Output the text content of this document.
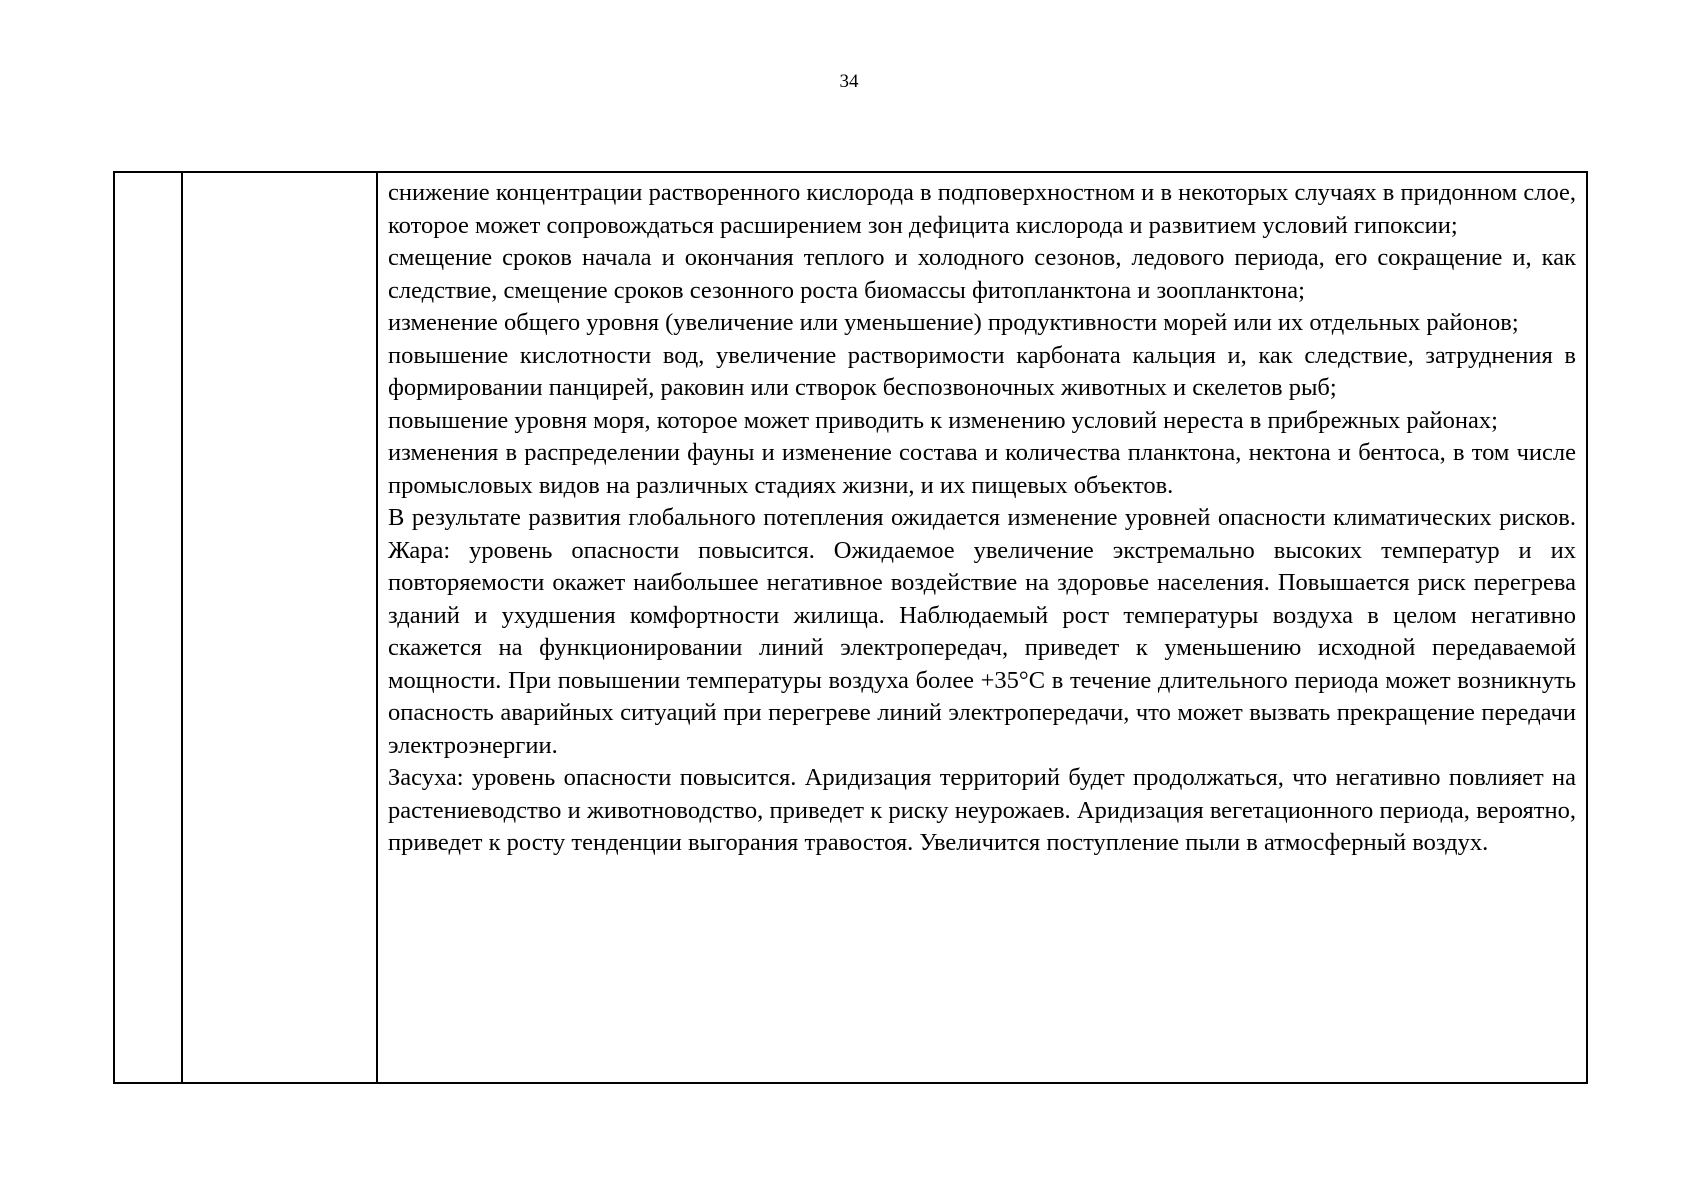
34

снижение концентрации растворенного кислорода в подповерхностном и в некоторых случаях в придонном слое, которое может сопровождаться расширением зон дефицита кислорода и развитием условий гипоксии;

смещение сроков начала и окончания теплого и холодного сезонов, ледового периода, его сокращение и, как следствие, смещение сроков сезонного роста биомассы фитопланктона и зоопланктона;

изменение общего уровня (увеличение или уменьшение) продуктивности морей или их отдельных районов;

повышение кислотности вод, увеличение растворимости карбоната кальция и, как следствие, затруднения в формировании панцирей, раковин или створок беспозвоночных животных и скелетов рыб;

повышение уровня моря, которое может приводить к изменению условий нереста в прибрежных районах;

изменения в распределении фауны и изменение состава и количества планктона, нектона и бентоса, в том числе промысловых видов на различных стадиях жизни, и их пищевых объектов.

В результате развития глобального потепления ожидается изменение уровней опасности климатических рисков. Жара: уровень опасности повысится. Ожидаемое увеличение экстремально высоких температур и их повторяемости окажет наибольшее негативное воздействие на здоровье населения. Повышается риск перегрева зданий и ухудшения комфортности жилища. Наблюдаемый рост температуры воздуха в целом негативно скажется на функционировании линий электропередач, приведет к уменьшению исходной передаваемой мощности. При повышении температуры воздуха более +35°C в течение длительного периода может возникнуть опасность аварийных ситуаций при перегреве линий электропередачи, что может вызвать прекращение передачи электроэнергии.

Засуха: уровень опасности повысится. Аридизация территорий будет продолжаться, что негативно повлияет на растениеводство и животноводство, приведет к риску неурожаев. Аридизация вегетационного периода, вероятно, приведет к росту тенденции выгорания травостоя. Увеличится поступление пыли в атмосферный воздух.
